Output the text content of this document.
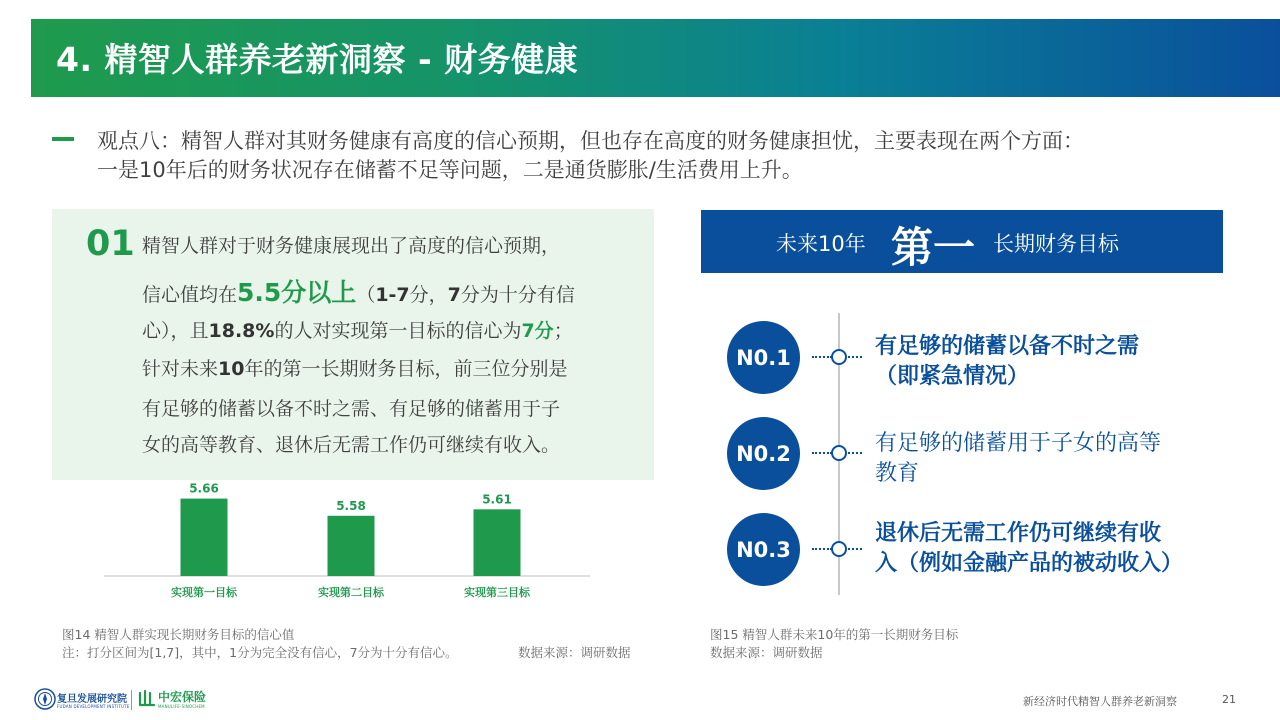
4. 精智人群养老新洞察 - 财务健康
观点八：精智人群对其财务健康有高度的信心预期，但也存在高度的财务健康担忧，主要表现在两个方面：
一是10年后的财务状况存在储蓄不足等问题，二是通货膨胀/生活费用上升。
01 精智人群对于财务健康展现出了高度的信心预期，
信心值均在5.5分以上（1-7分，7分为十分有信
心），且18.8%的人对实现第一目标的信心为7分；
针对未来10年的第一长期财务目标，前三位分别是
有足够的储蓄以备不时之需、有足够的储蓄用于子
女的高等教育、退休后无需工作仍可继续有收入。
5.66
实现第一目标
5.58
实现第二目标
5.61
实现第三目标
图14 精智人群实现长期财务目标的信心值
注：打分区间为[1,7]，其中，1分为完全没有信心，7分为十分有信心。	数据来源：调研数据
未来10年 第一 长期财务目标
N0.1	有足够的储蓄以备不时之需
（即紧急情况）
N0.2	有足够的储蓄用于子女的高等
教育
N0.3
退休后无需工作仍可继续有收
入（例如金融产品的被动收入）
图15 精智人群未来10年的第一长期财务目标
数据来源：调研数据
复旦发展研究院
FUDAN DEVELOPMENT INSTITUTE
中宏保险
MANULIFE-SINOCHEM	新经济时代精智人群养老新洞察	21
